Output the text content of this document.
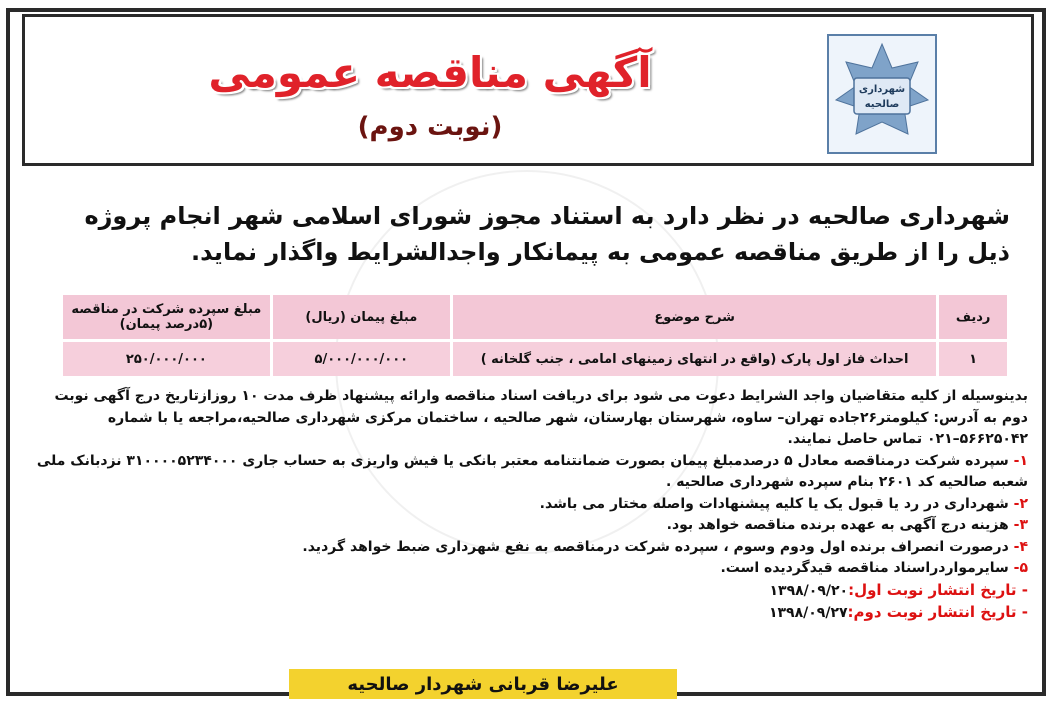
شهرداری
صالحیه
آگهی مناقصه عمومی
(نوبت دوم)
شهرداری صالحیه در نظر دارد به استناد مجوز شورای اسلامی شهر انجام پروژه ذیل را از طریق مناقصه عمومی به پیمانکار واجدالشرایط واگذار نماید.
ردیف	شرح موضوع	مبلغ پیمان (ریال)	مبلغ سپرده شرکت در مناقصه (۵درصد پیمان)
۱	احداث فاز اول پارک (واقع در انتهای زمینهای امامی ، جنب گلخانه )	۵/۰۰۰/۰۰۰/۰۰۰	۲۵۰/۰۰۰/۰۰۰

بدینوسیله از کلیه متقاضیان واجد الشرایط دعوت می شود برای دریافت اسناد مناقصه وارائه پیشنهاد ظرف مدت ۱۰ روزازتاریخ درج آگهی نوبت دوم به آدرس: کیلومتر۲۶جاده تهران– ساوه، شهرستان بهارستان، شهر صالحیه ، ساختمان مرکزی شهرداری صالحیه،مراجعه یا با شماره ۵۶۶۲۵۰۴۲–۰۲۱ تماس حاصل نمایند.

۱- سپرده شرکت درمناقصه معادل ۵ درصدمبلغ پیمان بصورت ضمانتنامه معتبر بانکی یا فیش واریزی به حساب جاری ۳۱۰۰۰۰۵۲۳۴۰۰۰ نزدبانک ملی شعبه صالحیه کد ۲۶۰۱ بنام سپرده شهرداری صالحیه .

۲- شهرداری در رد یا قبول یک یا کلیه پیشنهادات واصله مختار می باشد.

۳- هزینه درج آگهی به عهده برنده مناقصه خواهد بود.

۴- درصورت انصراف برنده اول ودوم وسوم ، سپرده شرکت درمناقصه به نفع شهرداری ضبط خواهد گردید.

۵- سایرمواردراسناد مناقصه قیدگردیده است.

- تاریخ انتشار نوبت اول:۱۳۹۸/۰۹/۲۰

- تاریخ انتشار نوبت دوم:۱۳۹۸/۰۹/۲۷

علیرضا قربانی شهردار صالحیه
